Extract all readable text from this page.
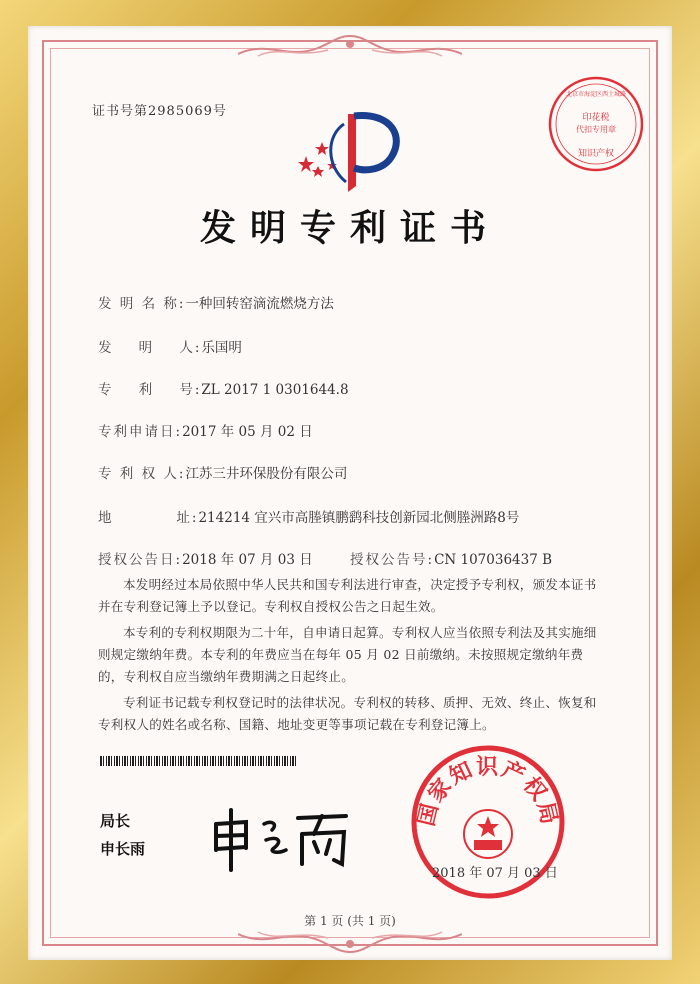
证书号第2985069号	印花税
代扣专用章
知识产权
北京市海淀区西土城路
发明专利证书
发 明 名 称:一种回转窑滴流燃烧方法
发    明    人:乐国明
专    利    号:ZL 2017 1 0301644.8
专利申请日:2017 年 05 月 02 日
专 利 权 人:江苏三井环保股份有限公司
地          址:214214 宜兴市高塍镇鹏鹞科技创新园北侧塍洲路8号
授权公告日:2018 年 07 月 03 日	授权公告号:CN 107036437 B
本发明经过本局依照中华人民共和国专利法进行审查，决定授予专利权，颁发本证书并在专利登记簿上予以登记。专利权自授权公告之日起生效。
本专利的专利权期限为二十年，自申请日起算。专利权人应当依照专利法及其实施细则规定缴纳年费。本专利的年费应当在每年 05 月 02 日前缴纳。未按照规定缴纳年费的，专利权自应当缴纳年费期满之日起终止。
专利证书记载专利权登记时的法律状况。专利权的转移、质押、无效、终止、恢复和专利权人的姓名或名称、国籍、地址变更等事项记载在专利登记簿上。
局长
申长雨
国家知识产权局
2018 年 07 月 03 日
第 1 页 (共 1 页)
